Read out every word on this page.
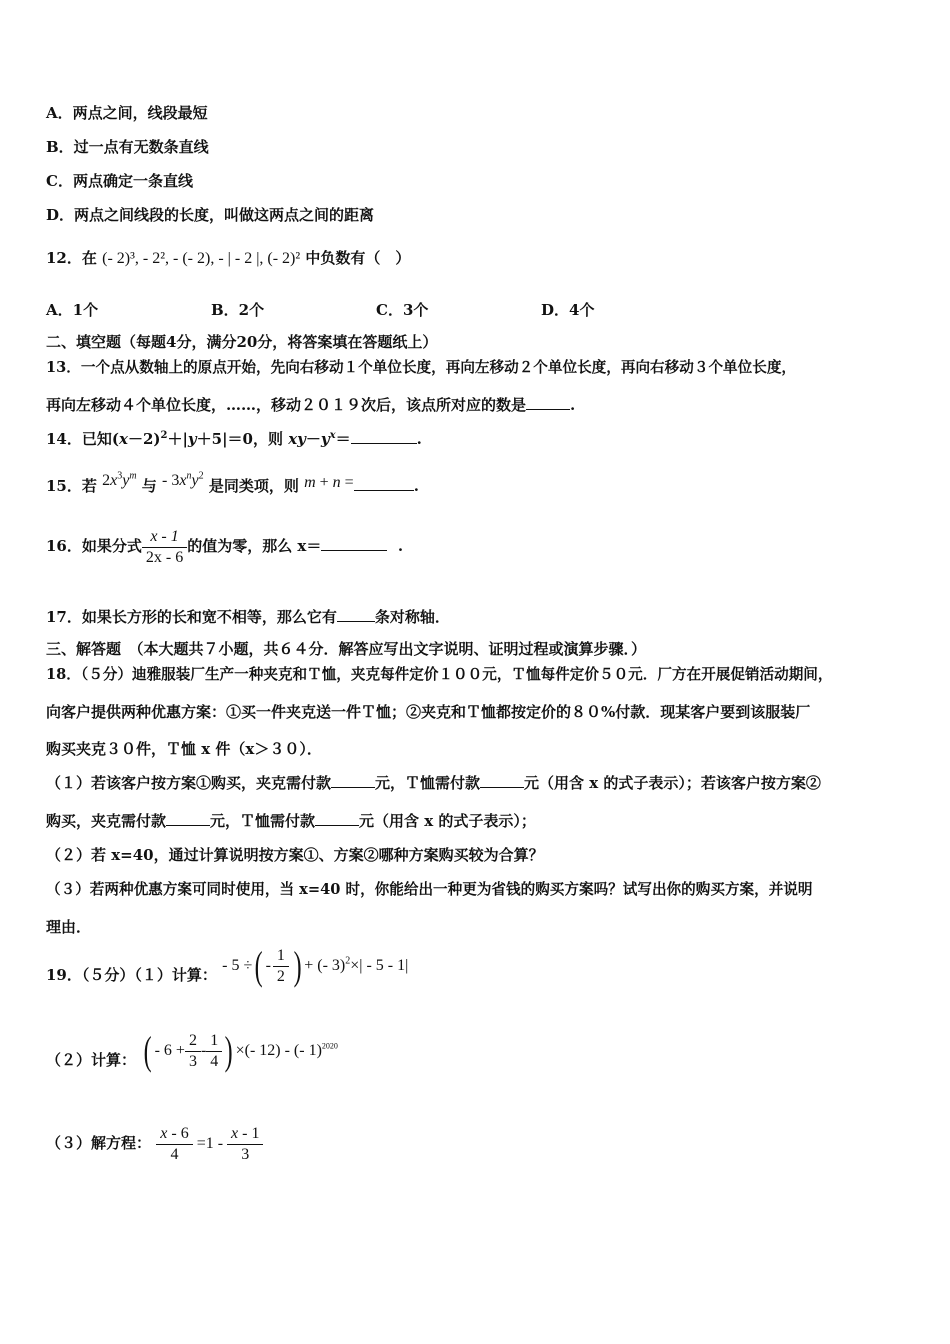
A．两点之间，线段最短
B．过一点有无数条直线
C．两点确定一条直线
D．两点之间线段的长度，叫做这两点之间的距离
12．在 (- 2)³, - 2², - (- 2), - | - 2 |, (- 2)² 中负数有（　）
A．1个	B．2个	C．3个	D．4个
二、填空题（每题4分，满分20分，将答案填在答题纸上）
13．一个点从数轴上的原点开始，先向右移动１个单位长度，再向左移动２个单位长度，再向右移动３个单位长度，
再向左移动４个单位长度，……，移动２０１９次后，该点所对应的数是	.
14．已知$(x-2)^2+|y+5|=0$，则 $xy-y^x=$	.
15．若 $2x^3y^m$ 与 - $3x^ny^2$ 是同类项，则 m + n =	.
16．如果分式 $\frac{x - 1}{2x - 6}$ 的值为零，那么 x＝	.
17．如果长方形的长和宽不相等，那么它有	条对称轴．
三、解答题　（本大题共７小题，共６４分．解答应写出文字说明、证明过程或演算步骤．）
18．（５分）迪雅服装厂生产一种夹克和Ｔ恤，夹克每件定价１００元，Ｔ恤每件定价５０元．厂方在开展促销活动期间，
向客户提供两种优惠方案：①买一件夹克送一件Ｔ恤；②夹克和Ｔ恤都按定价的８０%付款．现某客户要到该服装厂
购买夹克３０件，Ｔ恤 x 件（x＞３０）．
（１）若该客户按方案①购买，夹克需付款	元，Ｔ恤需付款	元（用含 x 的式子表示）；若该客户按方案②
购买，夹克需付款	元，Ｔ恤需付款	元（用含 x 的式子表示）；
（２）若 x=40，通过计算说明按方案①、方案②哪种方案购买较为合算？
（３）若两种优惠方案可同时使用，当 x=40 时，你能给出一种更为省钱的购买方案吗？试写出你的购买方案，并说明
理由．
19．（５分）（１）计算： - 5 ÷( - $\frac{1}{2}$ ) + (- 3)$^2$×| - 5 - 1|
（２）计算： ( - $6 + \frac{2}{3} - \frac{1}{4}$ ) ×(- 12) - (- 1)$^{2020}$
（３）解方程： $\frac{x - 6}{4} =1 - \frac{x - 1}{3}$
